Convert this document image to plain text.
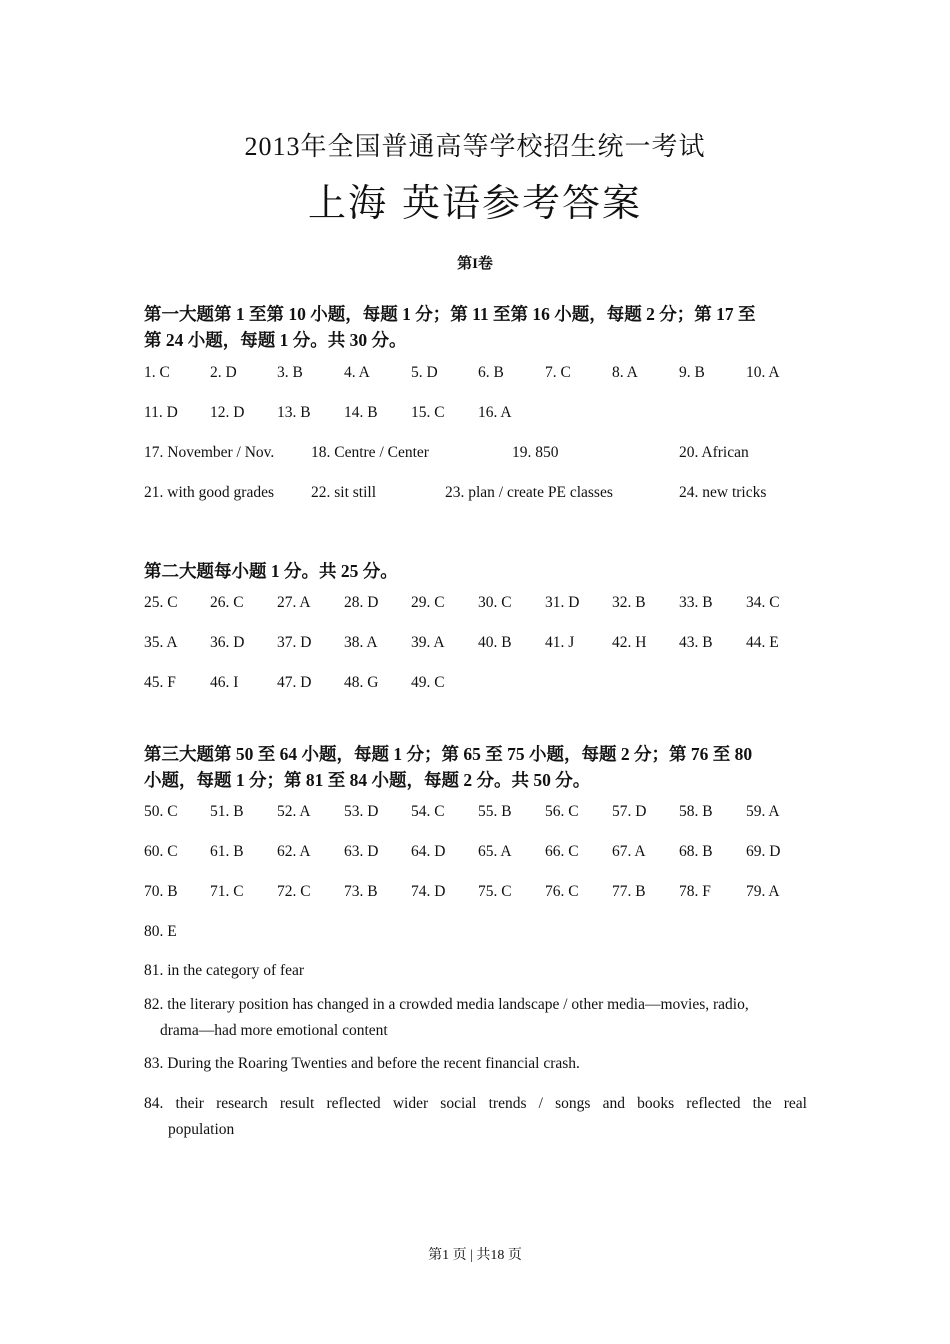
2013年全国普通高等学校招生统一考试
上海 英语参考答案
第I卷
第一大题第 1 至第 10 小题，每题 1 分；第 11 至第 16 小题，每题 2 分；第 17 至
第 24 小题，每题 1 分。共 30 分。
1. C	2. D	3. B	4. A	5. D	6. B	7. C	8. A	9. B	10. A
11. D 12. D 13. B 14. B 15. C 16. A
17. November / Nov. 18. Centre / Center	19. 850	20. African
21. with good grades 22. sit still	23. plan / create PE classes	24. new tricks
第二大题每小题 1 分。共 25 分。
25. C 26. C 27. A 28. D 29. C 30. C 31. D 32. B 33. B 34. C
35. A 36. D 37. D 38. A 39. A 40. B 41. J 42. H 43. B 44. E
45. F 46. I 47. D 48. G 49. C
第三大题第 50 至 64 小题，每题 1 分；第 65 至 75 小题，每题 2 分；第 76 至 80
小题，每题 1 分；第 81 至 84 小题，每题 2 分。共 50 分。
50. C 51. B 52. A 53. D 54. C 55. B 56. C 57. D 58. B 59. A
60. C 61. B 62. A 63. D 64. D 65. A 66. C 67. A 68. B 69. D
70. B 71. C 72. C 73. B 74. D 75. C 76. C 77. B 78. F 79. A
80. E
81. in the category of fear
82. the literary position has changed in a crowded media landscape / other media—movies, radio,
drama—had more emotional content
83. During the Roaring Twenties and before the recent financial crash.
84. their research result reflected wider social trends / songs and books reflected the real
population
第1 页 | 共18 页
